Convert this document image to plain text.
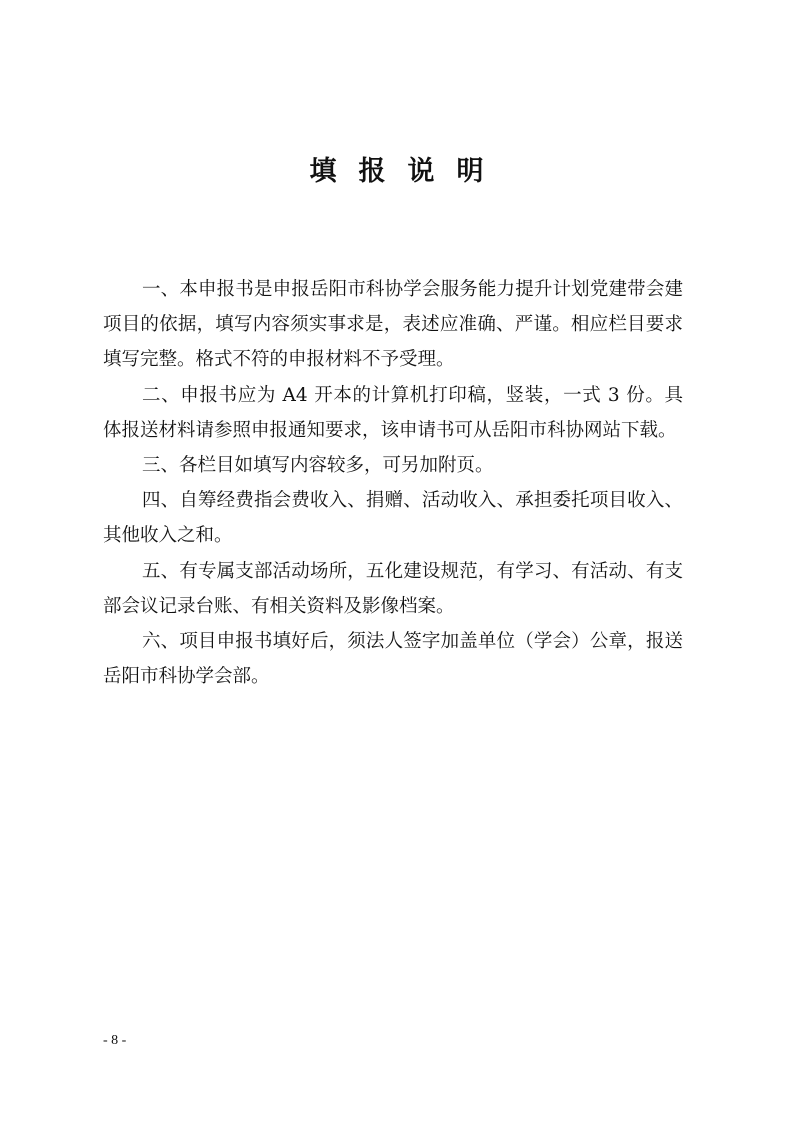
填报说明

一、本申报书是申报岳阳市科协学会服务能力提升计划党建带会建项目的依据，填写内容须实事求是，表述应准确、严谨。相应栏目要求填写完整。格式不符的申报材料不予受理。

二、申报书应为 A4 开本的计算机打印稿，竖装，一式 3 份。具体报送材料请参照申报通知要求，该申请书可从岳阳市科协网站下载。

三、各栏目如填写内容较多，可另加附页。

四、自筹经费指会费收入、捐赠、活动收入、承担委托项目收入、其他收入之和。

五、有专属支部活动场所，五化建设规范，有学习、有活动、有支部会议记录台账、有相关资料及影像档案。

六、项目申报书填好后，须法人签字加盖单位（学会）公章，报送岳阳市科协学会部。

- 8 -
